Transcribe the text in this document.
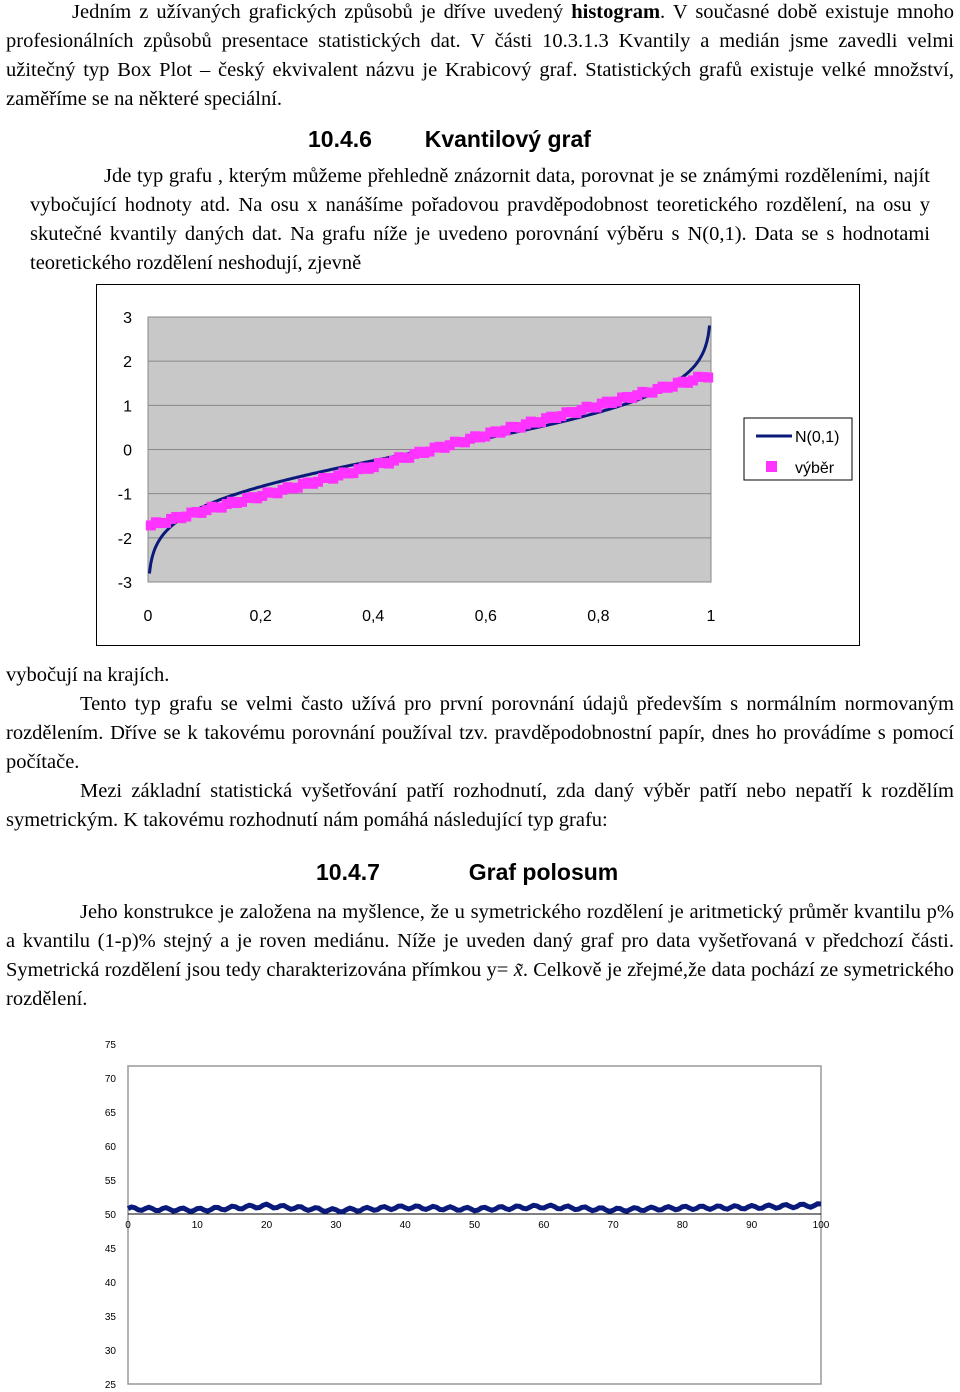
Jedním z užívaných grafických způsobů je dříve uvedený histogram. V současné době existuje mnoho profesionálních způsobů presentace statistických dat. V části 10.3.1.3 Kvantily a medián jsme zavedli velmi užitečný typ Box Plot – český ekvivalent názvu je Krabicový graf. Statistických grafů existuje velké množství, zaměříme se na některé speciální.
10.4.6 Kvantilový graf
Jde typ grafu , kterým můžeme přehledně znázornit data, porovnat je se známými rozděleními, najít vybočující hodnoty atd. Na osu x nanášíme pořadovou pravděpodobnost teoretického rozdělení, na osu y skutečné kvantily daných dat. Na grafu níže je uvedeno porovnání výběru s N(0,1). Data se s hodnotami teoretického rozdělení neshodují, zjevně
3
2
1
0
-1
-2
-3
0	0,2	0,4	0,6	0,8	1
N(0,1)
výběr
vybočují na krajích.
Tento typ grafu se velmi často užívá pro první porovnání údajů především s normálním normovaným rozdělením. Dříve se k takovému porovnání používal tzv. pravděpodobnostní papír, dnes ho provádíme s pomocí počítače.
Mezi základní statistická vyšetřování patří rozhodnutí, zda daný výběr patří nebo nepatří k rozdělím symetrickým. K takovému rozhodnutí nám pomáhá následující typ grafu:
10.4.7	Graf polosum
Jeho konstrukce je založena na myšlence, že u symetrického rozdělení je aritmetický průměr kvantilu p% a kvantilu (1-p)% stejný a je roven mediánu. Níže je uveden daný graf pro data vyšetřovaná v předchozí části. Symetrická rozdělení jsou tedy charakterizována přímkou y= x̃. Celkově je zřejmé,že data pochází ze symetrického rozdělení.
75
70
65
60
55
50
45
40
35
30
25
0	10	20	30	40	50	60	70	80	90	100
